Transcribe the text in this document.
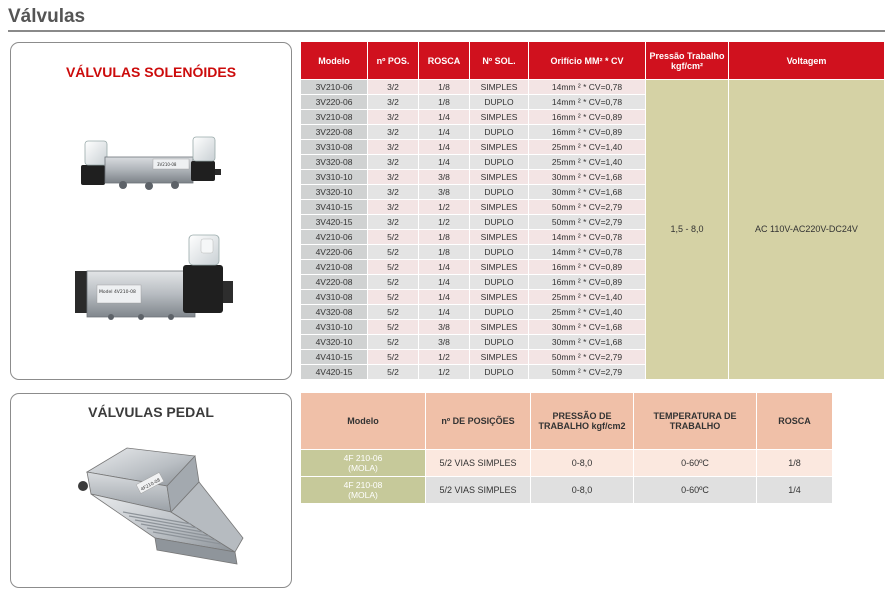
Válvulas
VÁLVULAS SOLENÓIDES
3V210-08
Model 4V210-08
VÁLVULAS PEDAL
4F210-08
Modelo	nº POS.	ROSCA	Nº SOL.	Orifício MM² * CV	Pressão Trabalho kgf/cm²	Voltagem
3V210-06	3/2	1/8	SIMPLES	14mm ² * CV=0,78	1,5 - 8,0	AC 110V-AC220V-DC24V
3V220-06	3/2	1/8	DUPLO	14mm ² * CV=0,78		
3V210-08	3/2	1/4	SIMPLES	16mm ² * CV=0,89		
3V220-08	3/2	1/4	DUPLO	16mm ² * CV=0,89		
3V310-08	3/2	1/4	SIMPLES	25mm ² * CV=1,40		
3V320-08	3/2	1/4	DUPLO	25mm ² * CV=1,40		
3V310-10	3/2	3/8	SIMPLES	30mm ² * CV=1,68		
3V320-10	3/2	3/8	DUPLO	30mm ² * CV=1,68		
3V410-15	3/2	1/2	SIMPLES	50mm ² * CV=2,79		
3V420-15	3/2	1/2	DUPLO	50mm ² * CV=2,79		
4V210-06	5/2	1/8	SIMPLES	14mm ² * CV=0,78		
4V220-06	5/2	1/8	DUPLO	14mm ² * CV=0,78		
4V210-08	5/2	1/4	SIMPLES	16mm ² * CV=0,89		
4V220-08	5/2	1/4	DUPLO	16mm ² * CV=0,89		
4V310-08	5/2	1/4	SIMPLES	25mm ² * CV=1,40		
4V320-08	5/2	1/4	DUPLO	25mm ² * CV=1,40		
4V310-10	5/2	3/8	SIMPLES	30mm ² * CV=1,68		
4V320-10	5/2	3/8	DUPLO	30mm ² * CV=1,68		
4V410-15	5/2	1/2	SIMPLES	50mm ² * CV=2,79		
4V420-15	5/2	1/2	DUPLO	50mm ² * CV=2,79		
Modelo	nº DE POSIÇÕES	PRESSÃO DE TRABALHO kgf/cm2	TEMPERATURA DE TRABALHO	ROSCA

4F 210-06
(MOLA)	5/2 VIAS SIMPLES	0-8,0	0-60ºC	1/8

4F 210-08
(MOLA)	5/2 VIAS SIMPLES	0-8,0	0-60ºC	1/4
